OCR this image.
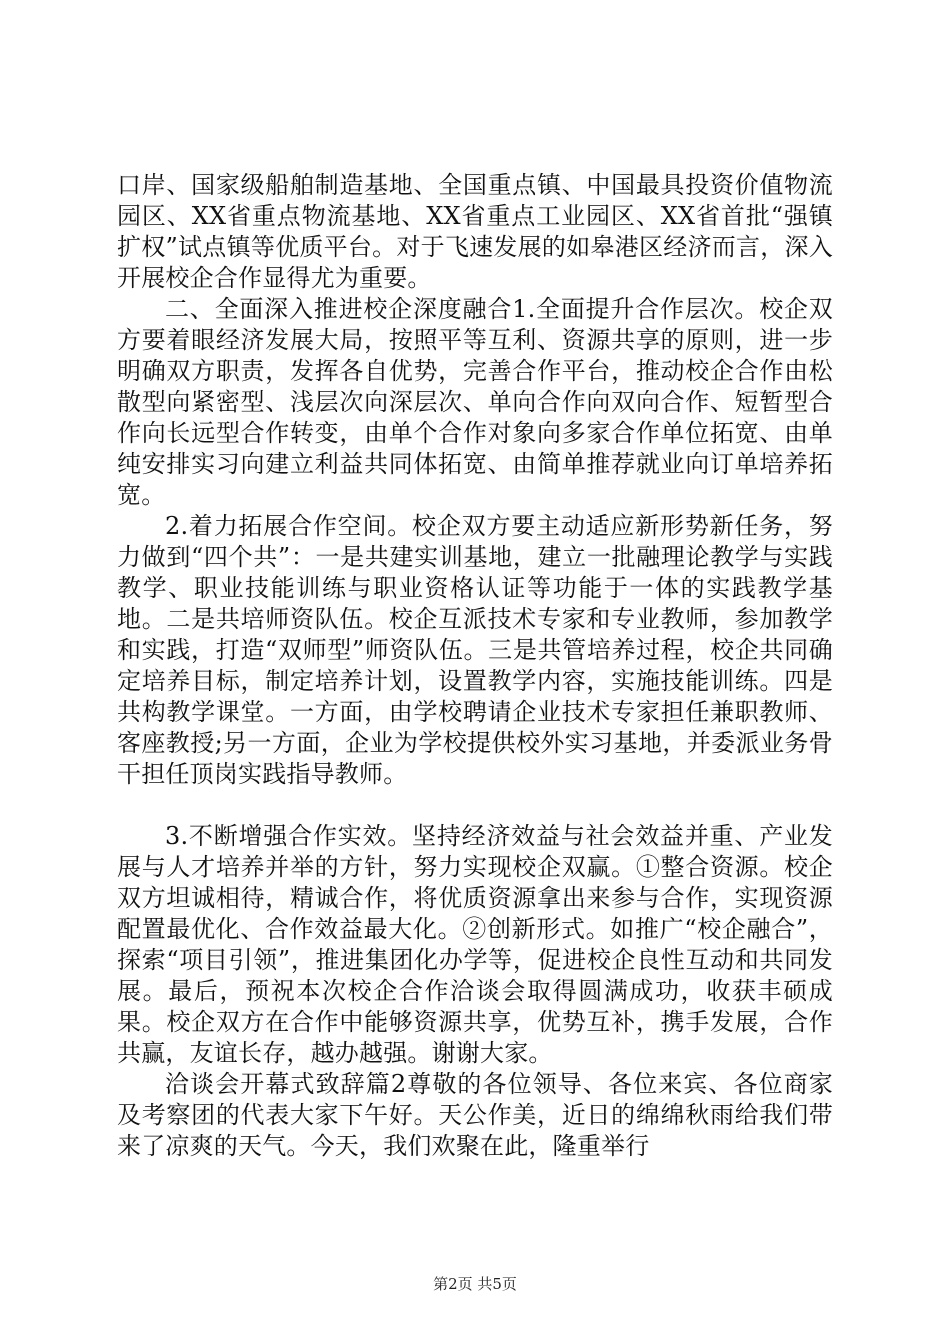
口岸、国家级船舶制造基地、全国重点镇、中国最具投资价值物流园区、XX省重点物流基地、XX省重点工业园区、XX省首批“强镇扩权”试点镇等优质平台。对于飞速发展的如皋港区经济而言，深入开展校企合作显得尤为重要。

二、全面深入推进校企深度融合1.全面提升合作层次。校企双方要着眼经济发展大局，按照平等互利、资源共享的原则，进一步明确双方职责，发挥各自优势，完善合作平台，推动校企合作由松散型向紧密型、浅层次向深层次、单向合作向双向合作、短暂型合作向长远型合作转变，由单个合作对象向多家合作单位拓宽、由单纯安排实习向建立利益共同体拓宽、由简单推荐就业向订单培养拓宽。

2.着力拓展合作空间。校企双方要主动适应新形势新任务，努力做到“四个共”：一是共建实训基地，建立一批融理论教学与实践教学、职业技能训练与职业资格认证等功能于一体的实践教学基地。二是共培师资队伍。校企互派技术专家和专业教师，参加教学和实践，打造“双师型”师资队伍。三是共管培养过程，校企共同确定培养目标，制定培养计划，设置教学内容，实施技能训练。四是共构教学课堂。一方面，由学校聘请企业技术专家担任兼职教师、客座教授;另一方面，企业为学校提供校外实习基地，并委派业务骨干担任顶岗实践指导教师。

3.不断增强合作实效。坚持经济效益与社会效益并重、产业发展与人才培养并举的方针，努力实现校企双赢。①整合资源。校企双方坦诚相待，精诚合作，将优质资源拿出来参与合作，实现资源配置最优化、合作效益最大化。②创新形式。如推广“校企融合”，探索“项目引领”，推进集团化办学等，促进校企良性互动和共同发展。最后，预祝本次校企合作洽谈会取得圆满成功，收获丰硕成果。校企双方在合作中能够资源共享，优势互补，携手发展，合作共赢，友谊长存，越办越强。谢谢大家。

洽谈会开幕式致辞篇2尊敬的各位领导、各位来宾、各位商家及考察团的代表大家下午好。天公作美，近日的绵绵秋雨给我们带来了凉爽的天气。今天，我们欢聚在此，隆重举行

第2页 共5页
